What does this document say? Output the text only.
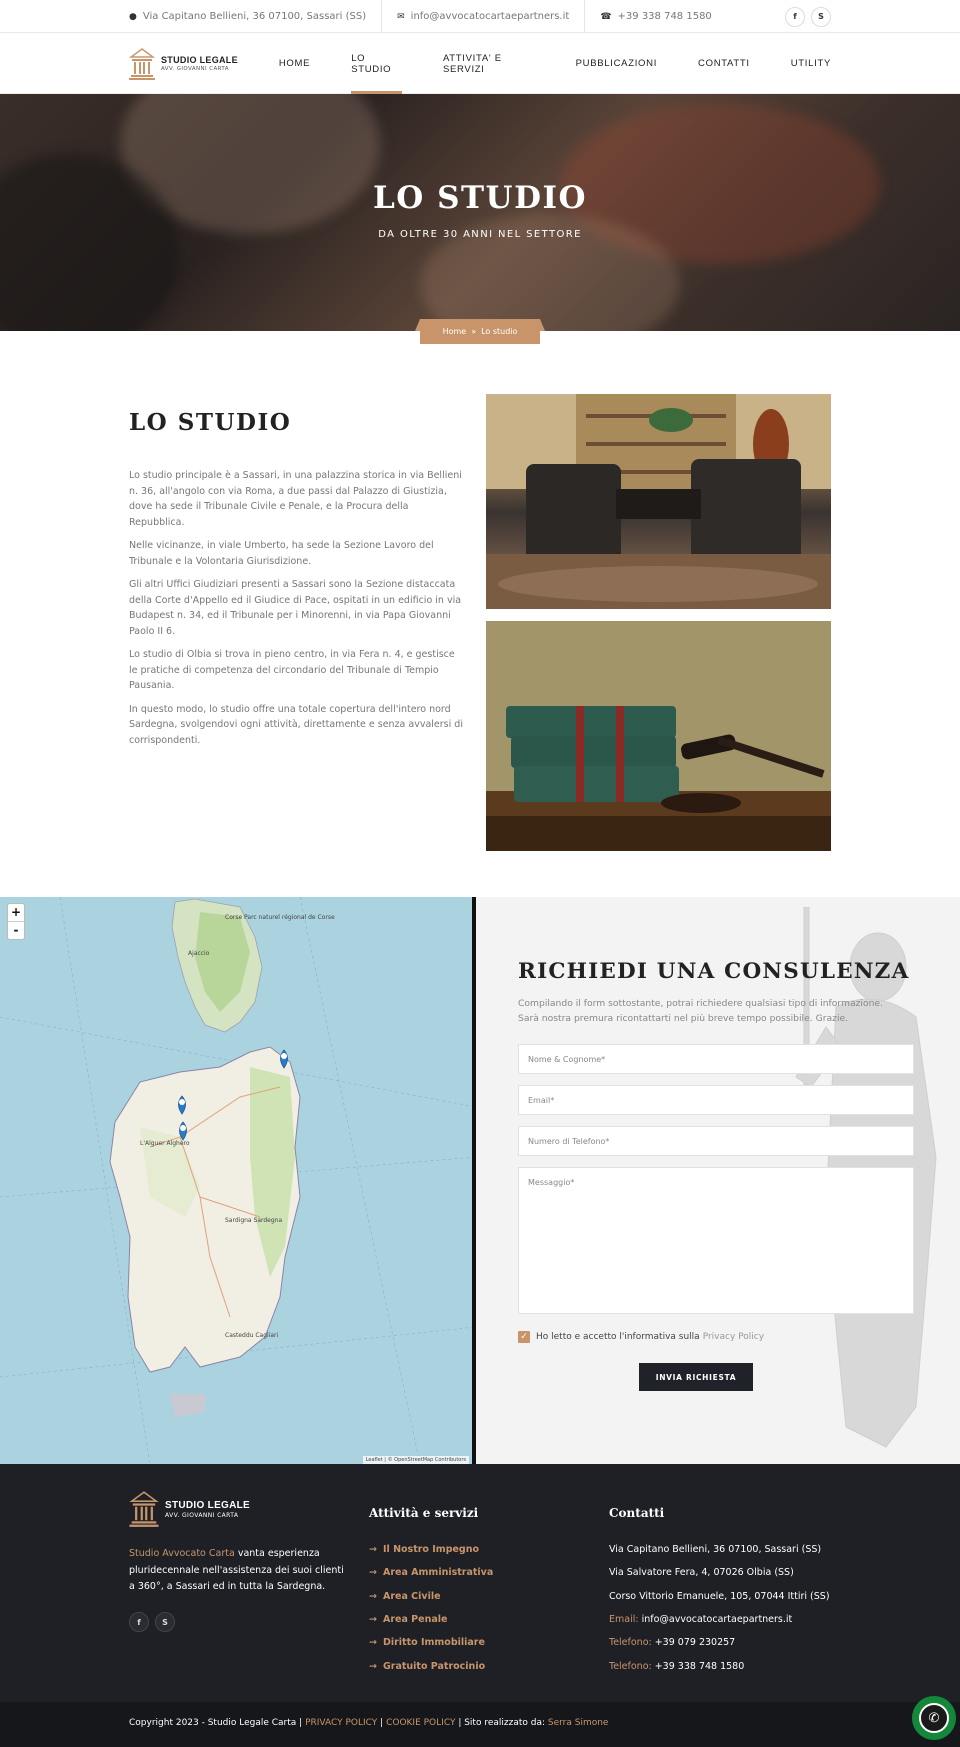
● Via Capitano Bellieni, 36 07100, Sassari (SS)	✉ info@avvocatocartaepartners.it	☎ +39 338 748 1580	f	S
STUDIO LEGALE
AVV. GIOVANNI CARTA	HOME	LO STUDIO
ATTIVITA' E SERVIZI	PUBBLICAZIONI	CONTATTI	UTILITY
LO STUDIO
DA OLTRE 30 ANNI NEL SETTORE
Home » Lo studio
LO STUDIO

Lo studio principale è a Sassari, in una palazzina storica in via Bellieni n. 36, all'angolo con via Roma, a due passi dal Palazzo di Giustizia, dove ha sede il Tribunale Civile e Penale, e la Procura della Repubblica.

Nelle vicinanze, in viale Umberto, ha sede la Sezione Lavoro del Tribunale e la Volontaria Giurisdizione.

Gli altri Uffici Giudiziari presenti a Sassari sono la Sezione distaccata della Corte d'Appello ed il Giudice di Pace, ospitati in un edificio in via Budapest n. 34, ed il Tribunale per i Minorenni, in via Papa Giovanni Paolo II 6.

Lo studio di Olbia si trova in pieno centro, in via Fera n. 4, e gestisce le pratiche di competenza del circondario del Tribunale di Tempio Pausania.

In questo modo, lo studio offre una totale copertura dell'intero nord Sardegna, svolgendovi ogni attività, direttamente e senza avvalersi di corrispondenti.

Corse Parc naturel régional de Corse
Ajaccio
L'Alguer Alghero
Sardigna Sardegna
Casteddu Cagliari
+
-
Leaflet | © OpenStreetMap Contributors
RICHIEDI UNA CONSULENZA

Compilando il form sottostante, potrai richiedere qualsiasi tipo di informazione. Sarà nostra premura ricontattarti nel più breve tempo possibile. Grazie.

Nome & Cognome*
Email*
Numero di Telefono*
Messaggio*
✓ Ho letto e accetto l'informativa sulla Privacy Policy
INVIA RICHIESTA
STUDIO LEGALE
AVV. GIOVANNI CARTA

Studio Avvocato Carta vanta esperienza pluridecennale nell'assistenza dei suoi clienti a 360°, a Sassari ed in tutta la Sardegna.

f	S
Attività e servizi
→ Il Nostro Impegno
→ Area Amministrativa
→ Area Civile
→ Area Penale
→ Diritto Immobiliare
→ Gratuito Patrocinio
Contatti
Via Capitano Bellieni, 36 07100, Sassari (SS)
Via Salvatore Fera, 4, 07026 Olbia (SS)
Corso Vittorio Emanuele, 105, 07044 Ittiri (SS)
Email: info@avvocatocartaepartners.it
Telefono: +39 079 230257
Telefono: +39 338 748 1580
Copyright 2023 - Studio Legale Carta | PRIVACY POLICY | COOKIE POLICY | Sito realizzato da: Serra Simone	✆
